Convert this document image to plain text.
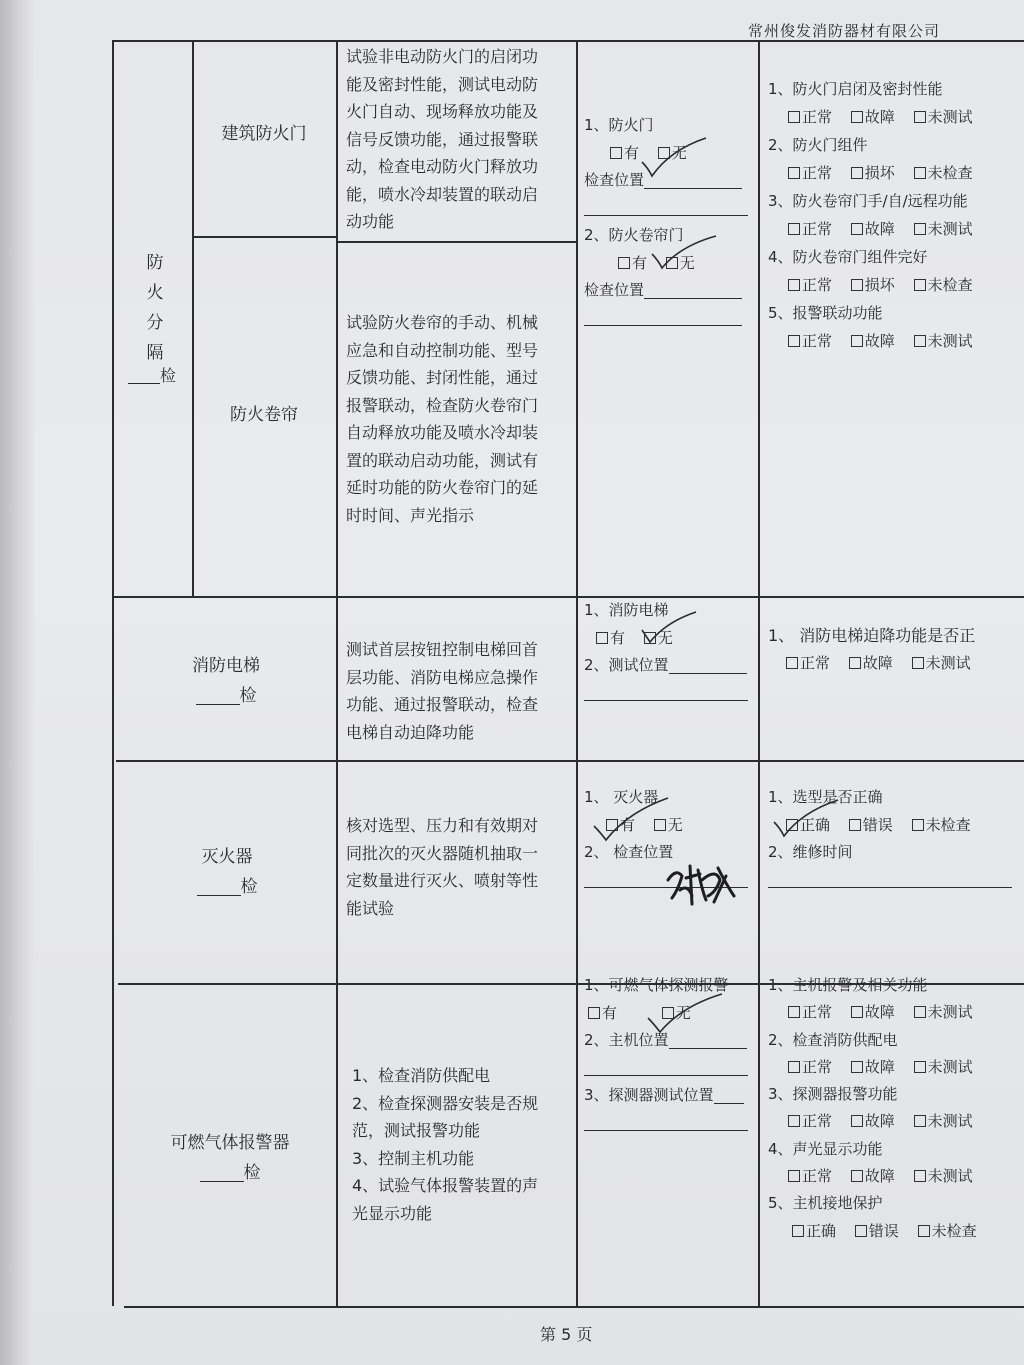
常州俊发消防器材有限公司
防
火
分
隔
检
建筑防火门
防火卷帘
试验非电动防火门的启闭功
能及密封性能，测试电动防
火门自动、现场释放功能及
信号反馈功能，通过报警联
动，检查电动防火门释放功
能，喷水冷却装置的联动启
动功能
试验防火卷帘的手动、机械
应急和自动控制功能、型号
反馈功能、封闭性能，通过
报警联动，检查防火卷帘门
自动释放功能及喷水冷却装
置的联动启动功能，测试有
延时功能的防火卷帘门的延
时时间、声光指示
1、防火门
有 无
检查位置
2、防火卷帘门
有 无
检查位置
1、防火门启闭及密封性能
正常 故障 未测试
2、防火门组件
正常 损坏 未检查
3、防火卷帘门手/自/远程功能
正常 故障 未测试
4、防火卷帘门组件完好
正常 损坏 未检查
5、报警联动功能
正常 故障 未测试
消防电梯
检
测试首层按钮控制电梯回首
层功能、消防电梯应急操作
功能、通过报警联动，检查
电梯自动迫降功能
1、消防电梯
有 无
2、测试位置
1、 消防电梯迫降功能是否正
正常 故障 未测试
灭火器
检
核对选型、压力和有效期对
同批次的灭火器随机抽取一
定数量进行灭火、喷射等性
能试验
1、 灭火器
有 无
2、 检查位置
1、选型是否正确
正确 错误 未检查
2、维修时间
可燃气体报警器
检
1、检查消防供配电
2、检查探测器安装是否规
范，测试报警功能
3、控制主机功能
4、试验气体报警装置的声
光显示功能
1、可燃气体探测报警
有	无
2、主机位置
3、探测器测试位置
1、主机报警及相关功能
正常 故障 未测试
2、检查消防供配电
正常 故障 未测试
3、探测器报警功能
正常 故障 未测试
4、声光显示功能
正常 故障 未测试
5、主机接地保护
正确 错误 未检查
第 5 页
